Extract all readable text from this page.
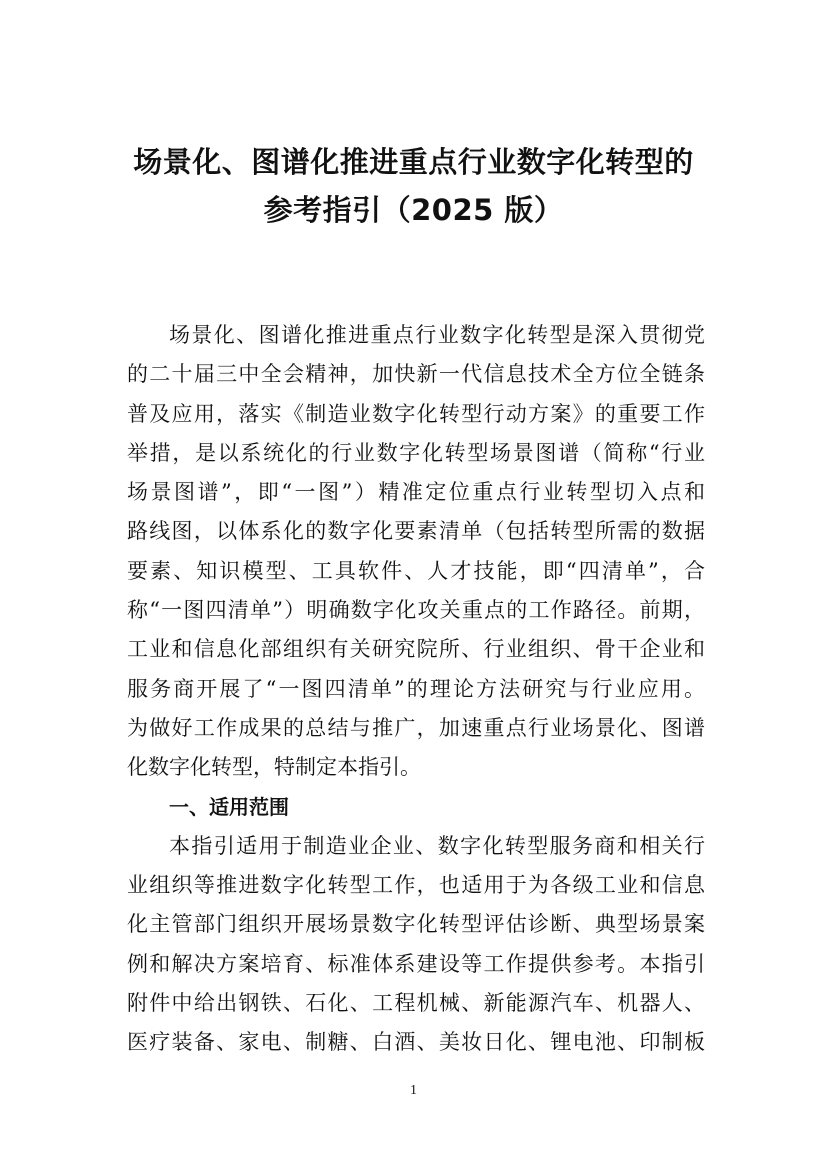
场景化、图谱化推进重点行业数字化转型的
参考指引（2025 版）
场景化、图谱化推进重点行业数字化转型是深入贯彻党
的二十届三中全会精神，加快新一代信息技术全方位全链条
普及应用，落实《制造业数字化转型行动方案》的重要工作
举措，是以系统化的行业数字化转型场景图谱（简称“行业
场景图谱”，即“一图”）精准定位重点行业转型切入点和
路线图，以体系化的数字化要素清单（包括转型所需的数据
要素、知识模型、工具软件、人才技能，即“四清单”，合
称“一图四清单”）明确数字化攻关重点的工作路径。前期，
工业和信息化部组织有关研究院所、行业组织、骨干企业和
服务商开展了“一图四清单”的理论方法研究与行业应用。
为做好工作成果的总结与推广，加速重点行业场景化、图谱
化数字化转型，特制定本指引。
一、适用范围
本指引适用于制造业企业、数字化转型服务商和相关行
业组织等推进数字化转型工作，也适用于为各级工业和信息
化主管部门组织开展场景数字化转型评估诊断、典型场景案
例和解决方案培育、标准体系建设等工作提供参考。本指引
附件中给出钢铁、石化、工程机械、新能源汽车、机器人、
医疗装备、家电、制糖、白酒、美妆日化、锂电池、印制板
1
